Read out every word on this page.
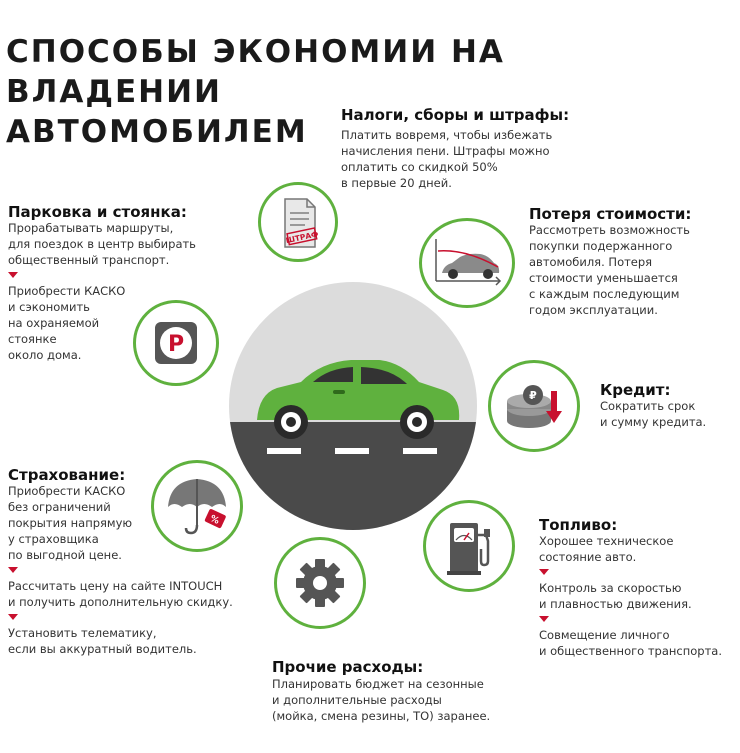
СПОСОБЫ ЭКОНОМИИ НА ВЛАДЕНИИ
АВТОМОБИЛЕМ	Налоги, сборы и штрафы:
Платить вовремя, чтобы избежать
начисления пени. Штрафы можно
оплатить со скидкой 50%
в первые 20 дней.
ШТРАФ
Потеря стоимости:
Рассмотреть возможность
покупки подержанного
автомобиля. Потеря
стоимости уменьшается
с каждым последующим
годом эксплуатации.
Парковка и стоянка:
Прорабатывать маршруты,
для поездок в центр выбирать
общественный транспорт.
Приобрести КАСКО
и сэкономить
на охраняемой
стоянке
около дома.	P
Кредит:
Сократить срок
и сумму кредита.
₽
Страхование:
Приобрести КАСКО
без ограничений
покрытия напрямую
у страховщика
по выгодной цене.
Рассчитать цену на сайте INTOUCH
и получить дополнительную скидку.
Установить телематику,
если вы аккуратный водитель.
%	Топливо:
Хорошее техническое
состояние авто.
Контроль за скоростью
и плавностью движения.
Совмещение личного
и общественного транспорта.
Прочие расходы:
Планировать бюджет на сезонные
и дополнительные расходы
(мойка, смена резины, ТО) заранее.
